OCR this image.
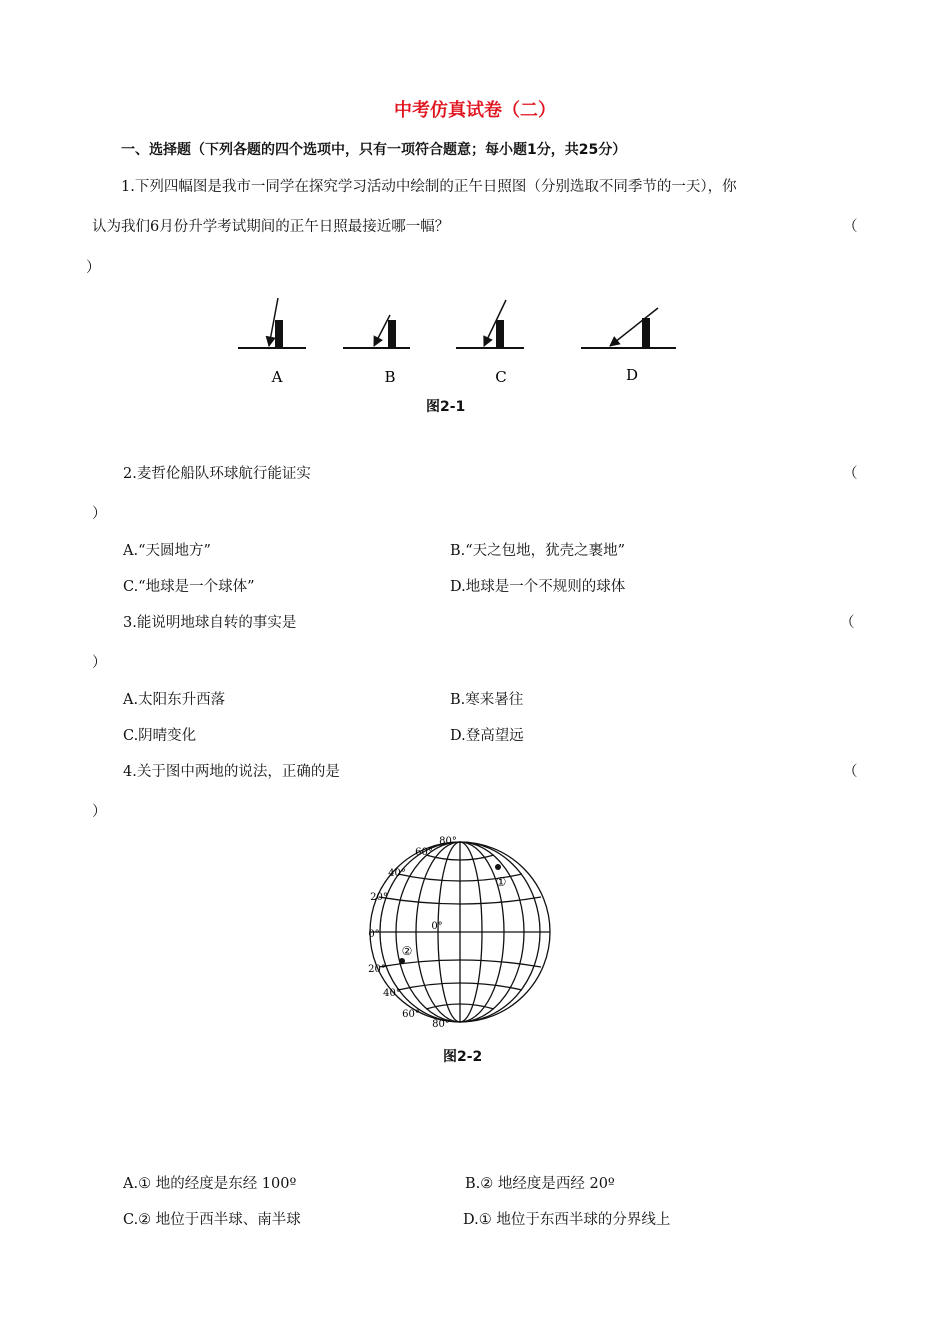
中考仿真试卷（二）
一、选择题（下列各题的四个选项中，只有一项符合题意；每小题1分，共25分）
1.下列四幅图是我市一同学在探究学习活动中绘制的正午日照图（分别选取不同季节的一天），你
认为我们6月份升学考试期间的正午日照最接近哪一幅？	（
）
A	B	C	D
图2-1
2.麦哲伦船队环球航行能证实	（
）
A.“天圆地方”	B.“天之包地，犹壳之裹地”
C.“地球是一个球体”	D.地球是一个不规则的球体
3.能说明地球自转的事实是	（
）
A.太阳东升西落	B.寒来暑往
C.阴晴变化	D.登高望远
4.关于图中两地的说法，正确的是	（
）
①
②
0°
80°
60°
40°
20°
0°
20°
40°
60°
80°
图2-2
A.① 地的经度是东经 100º	B.② 地经度是西经 20º
C.② 地位于西半球、南半球	D.① 地位于东西半球的分界线上
